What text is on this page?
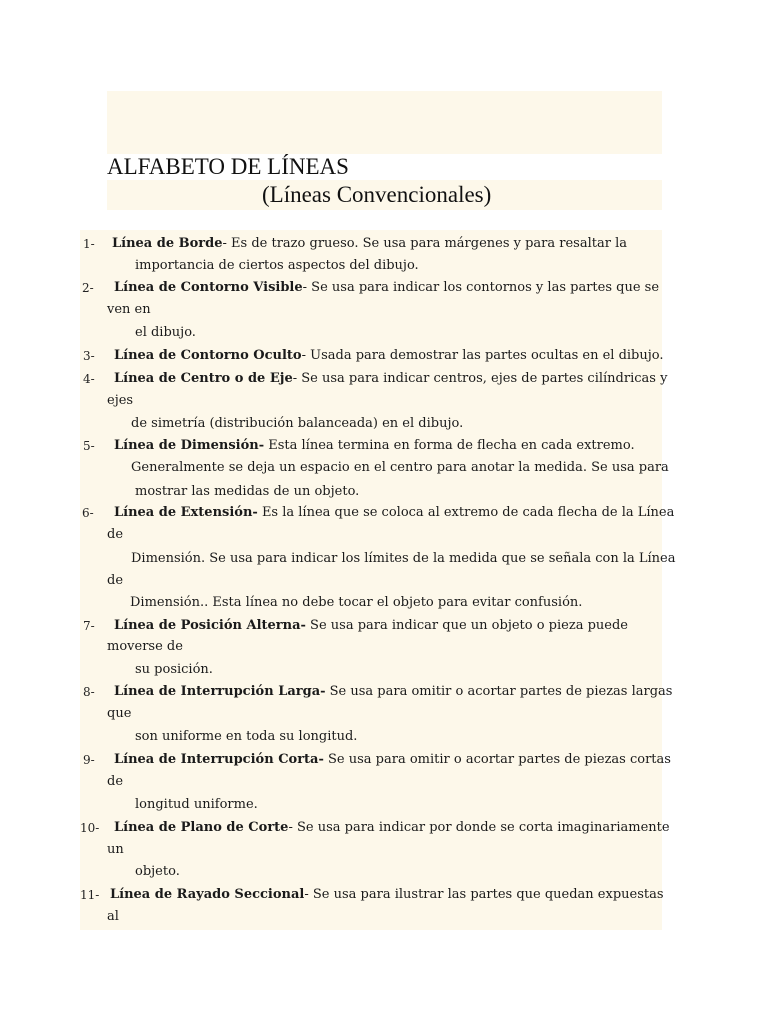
ALFABETO DE LÍNEAS
(Líneas Convencionales)
1- Línea de Borde- Es de trazo grueso. Se usa para márgenes y para resaltar la
importancia de ciertos aspectos del dibujo.
2- Línea de Contorno Visible- Se usa para indicar los contornos y las partes que se
ven en
el dibujo.
3- Línea de Contorno Oculto- Usada para demostrar las partes ocultas en el dibujo.
4- Línea de Centro o de Eje- Se usa para indicar centros, ejes de partes cilíndricas y
ejes
de simetría (distribución balanceada) en el dibujo.
5- Línea de Dimensión- Esta línea termina en forma de flecha en cada extremo.
Generalmente se deja un espacio en el centro para anotar la medida. Se usa para
mostrar las medidas de un objeto.
6- Línea de Extensión- Es la línea que se coloca al extremo de cada flecha de la Línea
de
Dimensión. Se usa para indicar los límites de la medida que se señala con la Línea
de
Dimensión.. Esta línea no debe tocar el objeto para evitar confusión.
7- Línea de Posición Alterna- Se usa para indicar que un objeto o pieza puede
moverse de
su posición.
8- Línea de Interrupción Larga- Se usa para omitir o acortar partes de piezas largas
que
son uniforme en toda su longitud.
9- Línea de Interrupción Corta- Se usa para omitir o acortar partes de piezas cortas
de
longitud uniforme.
10- Línea de Plano de Corte- Se usa para indicar por donde se corta imaginariamente
un
objeto.
11- Línea de Rayado Seccional- Se usa para ilustrar las partes que quedan expuestas
al
